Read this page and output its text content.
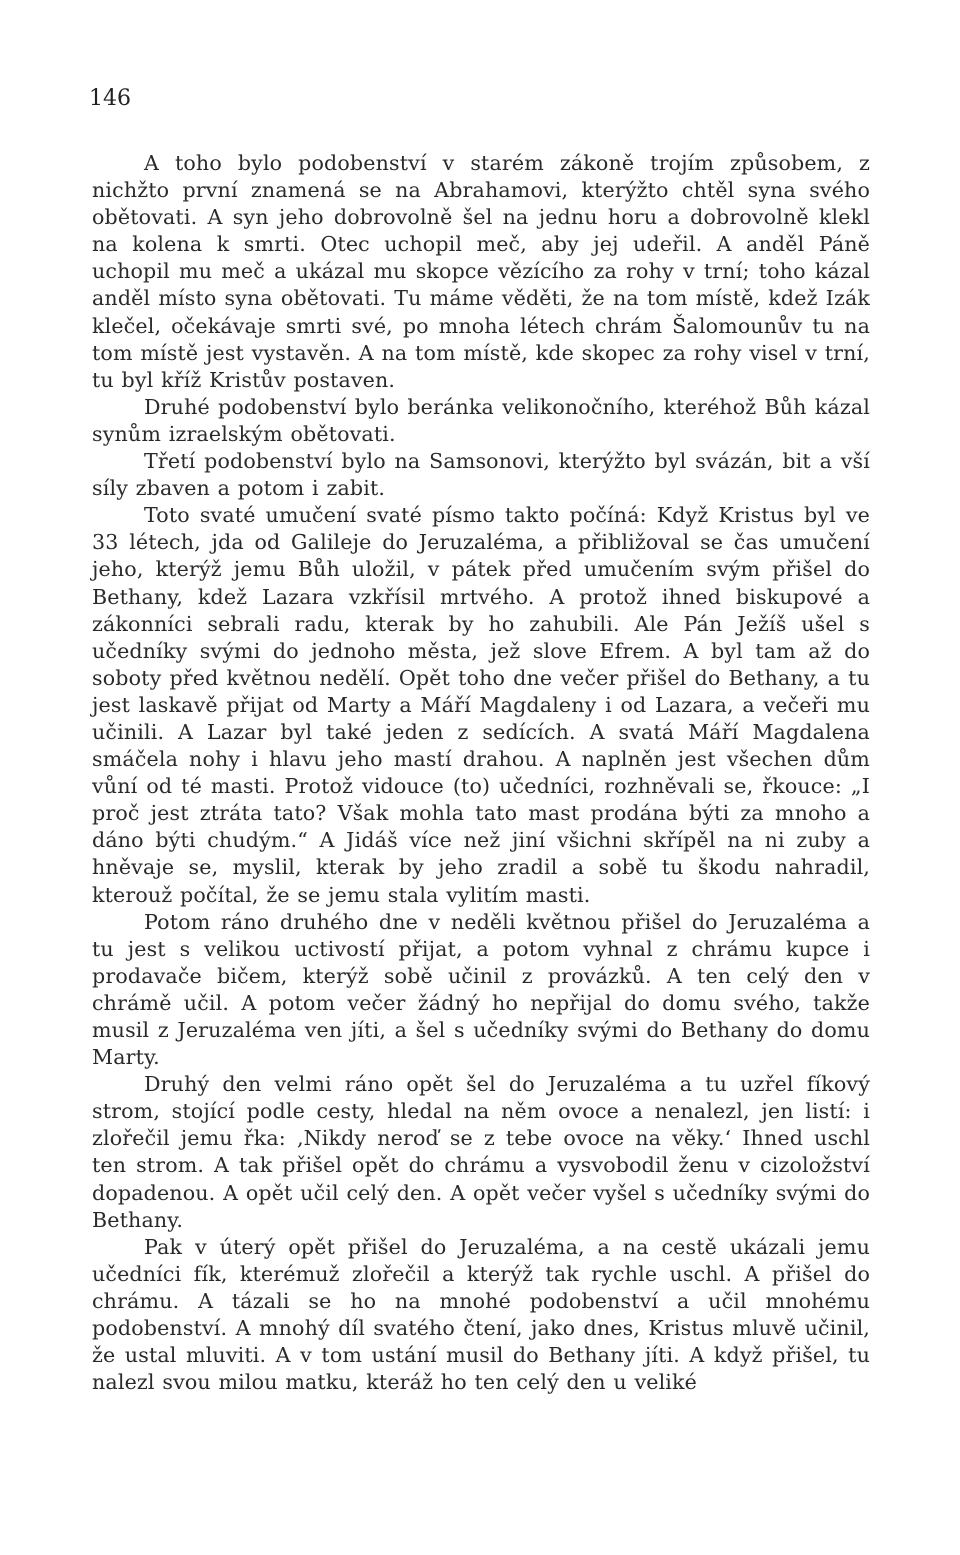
146

A toho bylo podobenství v starém zákoně trojím způsobem, z nichžto první znamená se na Abrahamovi, kterýžto chtěl syna svého obětovati. A syn jeho dobrovolně šel na jednu horu a dobrovolně klekl na kolena k smrti. Otec uchopil meč, aby jej udeřil. A anděl Páně uchopil mu meč a ukázal mu skopce vězícího za rohy v trní; toho kázal anděl místo syna obětovati. Tu máme věděti, že na tom místě, kdež Izák klečel, očekávaje smrti své, po mnoha létech chrám Šalomounův tu na tom místě jest vystavěn. A na tom místě, kde skopec za rohy visel v trní, tu byl kříž Kristův postaven.

Druhé podobenství bylo beránka velikonočního, kteréhož Bůh kázal synům izraelským obětovati.

Třetí podobenství bylo na Samsonovi, kterýžto byl svázán, bit a vší síly zbaven a potom i zabit.

Toto svaté umučení svaté písmo takto počíná: Když Kristus byl ve 33 létech, jda od Galileje do Jeruzaléma, a přibližoval se čas umučení jeho, kterýž jemu Bůh uložil, v pátek před umučením svým přišel do Bethany, kdež Lazara vzkřísil mrtvého. A protož ihned biskupové a zákonníci sebrali radu, kterak by ho zahubili. Ale Pán Ježíš ušel s učedníky svými do jednoho města, jež slove Efrem. A byl tam až do soboty před květnou nedělí. Opět toho dne večer přišel do Bethany, a tu jest laskavě přijat od Marty a Máří Magdaleny i od Lazara, a večeři mu učinili. A Lazar byl také jeden z sedících. A svatá Máří Magdalena smáčela nohy i hlavu jeho mastí drahou. A naplněn jest všechen dům vůní od té masti. Protož vidouce (to) učedníci, rozhněvali se, řkouce: „I proč jest ztráta tato? Však mohla tato mast prodána býti za mnoho a dáno býti chudým.“ A Jidáš více než jiní všichni skřípěl na ni zuby a hněvaje se, myslil, kterak by jeho zradil a sobě tu škodu nahradil, kterouž počítal, že se jemu stala vylitím masti.

Potom ráno druhého dne v neděli květnou přišel do Jeruzaléma a tu jest s velikou uctivostí přijat, a potom vyhnal z chrámu kupce i prodavače bičem, kterýž sobě učinil z provázků. A ten celý den v chrámě učil. A potom večer žádný ho nepřijal do domu svého, takže musil z Jeruzaléma ven jíti, a šel s učedníky svými do Bethany do domu Marty.

Druhý den velmi ráno opět šel do Jeruzaléma a tu uzřel fíkový strom, stojící podle cesty, hledal na něm ovoce a nenalezl, jen listí: i zlořečil jemu řka: ‚Nikdy neroď se z tebe ovoce na věky.‘ Ihned uschl ten strom. A tak přišel opět do chrámu a vysvobodil ženu v cizoložství dopadenou. A opět učil celý den. A opět večer vyšel s učedníky svými do Bethany.

Pak v úterý opět přišel do Jeruzaléma, a na cestě ukázali jemu učedníci fík, kterémuž zlořečil a kterýž tak rychle uschl. A přišel do chrámu. A tázali se ho na mnohé podobenství a učil mnohému podobenství. A mnohý díl svatého čtení, jako dnes, Kristus mluvě učinil, že ustal mluviti. A v tom ustání musil do Bethany jíti. A když přišel, tu nalezl svou milou matku, kteráž ho ten celý den u veliké
